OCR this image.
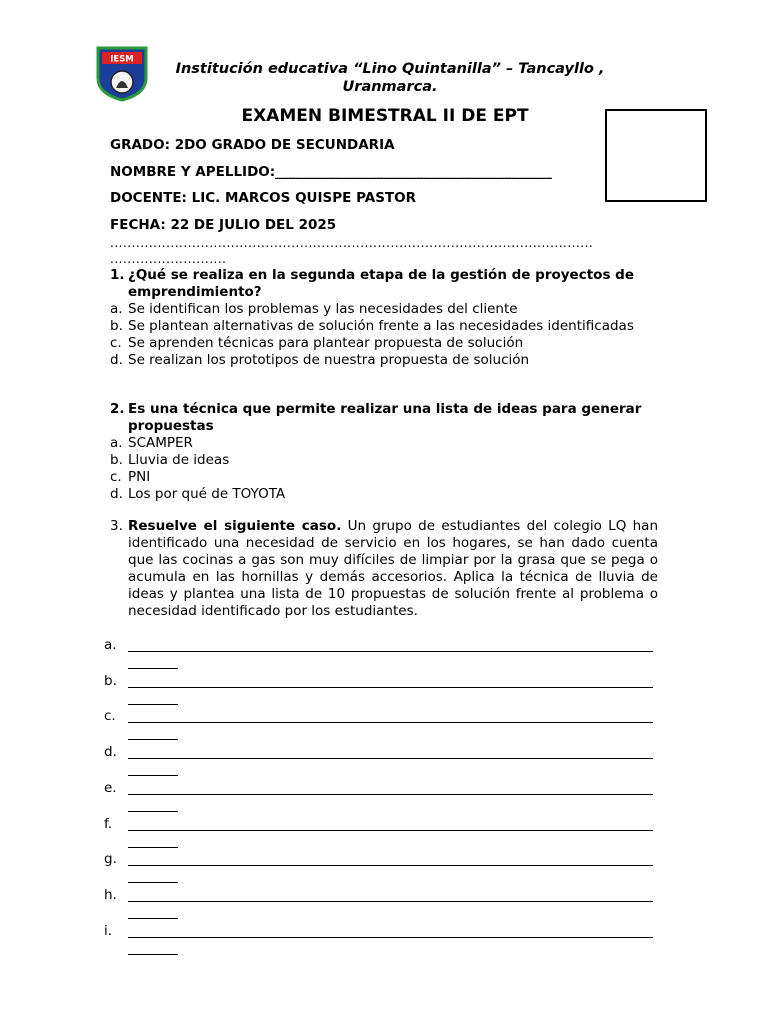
IESM
Institución educativa “Lino Quintanilla” – Tancayllo ,
Uranmarca.
EXAMEN BIMESTRAL II DE EPT
GRADO: 2DO GRADO DE SECUNDARIA
NOMBRE Y APELLIDO:_________________________________________
DOCENTE: LIC. MARCOS QUISPE PASTOR
FECHA: 22 DE JULIO DEL 2025
................................................................................................................
...........................
1. ¿Qué se realiza en la segunda etapa de la gestión de proyectos de emprendimiento?
a. Se identifican los problemas y las necesidades del cliente
b. Se plantean alternativas de solución frente a las necesidades identificadas
c. Se aprenden técnicas para plantear propuesta de solución
d. Se realizan los prototipos de nuestra propuesta de solución
2. Es una técnica que permite realizar una lista de ideas para generar propuestas
a. SCAMPER
b. Lluvia de ideas
c. PNI
d. Los por qué de TOYOTA
3. Resuelve el siguiente caso. Un grupo de estudiantes del colegio LQ han identificado una necesidad de servicio en los hogares, se han dado cuenta que las cocinas a gas son muy difíciles de limpiar por la grasa que se pega o acumula en las hornillas y demás accesorios. Aplica la técnica de lluvia de ideas y plantea una lista de 10 propuestas de solución frente al problema o necesidad identificado por los estudiantes.
a.
b.
c.
d.
e.
f.
g.
h.
i.
